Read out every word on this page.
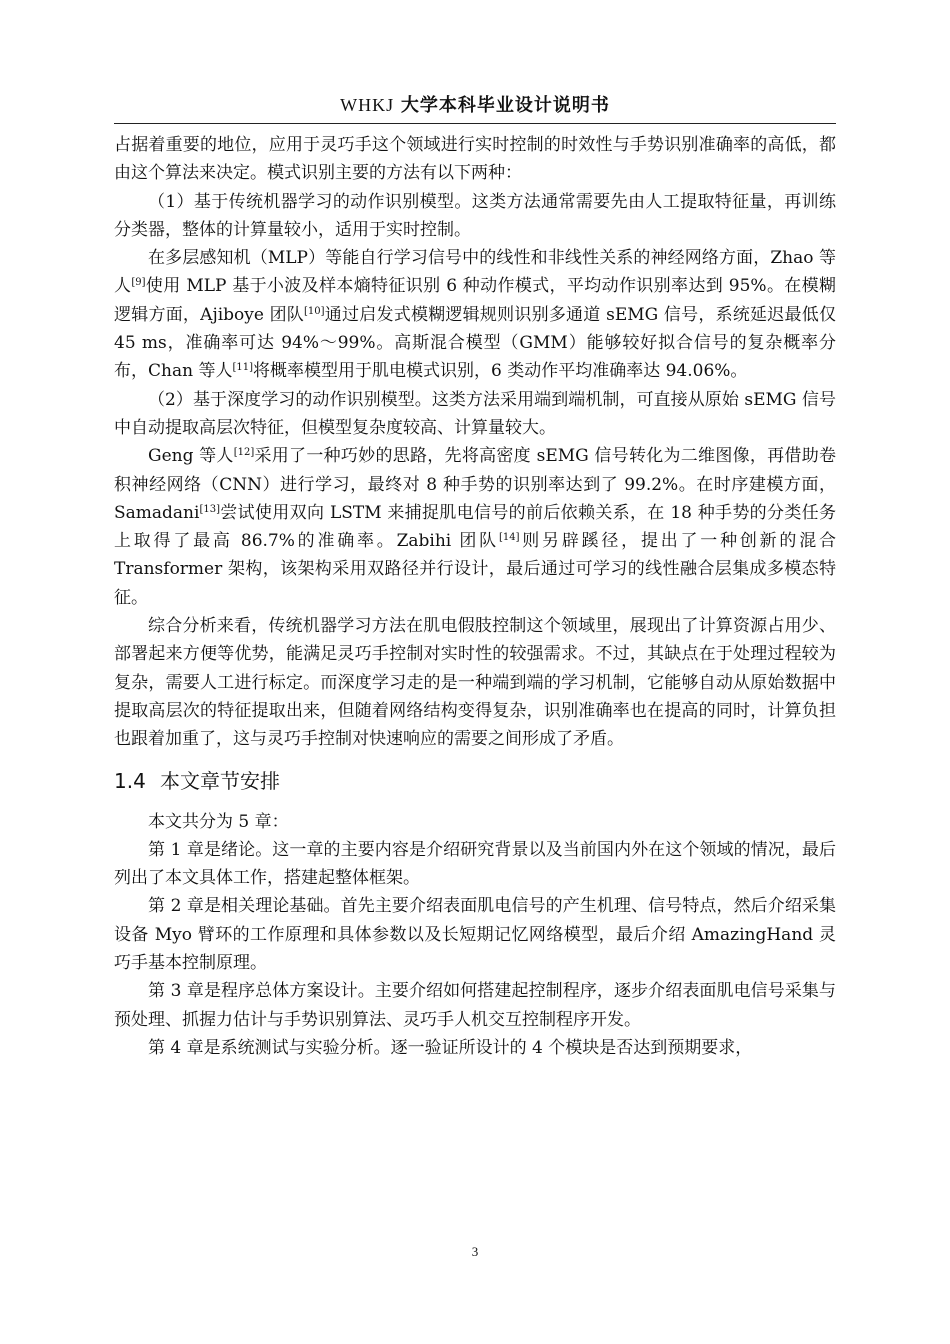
WHKJ 大学本科毕业设计说明书

占据着重要的地位，应用于灵巧手这个领域进行实时控制的时效性与手势识别准确率的高低，都由这个算法来决定。模式识别主要的方法有以下两种：

（1）基于传统机器学习的动作识别模型。这类方法通常需要先由人工提取特征量，再训练分类器，整体的计算量较小，适用于实时控制。

在多层感知机（MLP）等能自行学习信号中的线性和非线性关系的神经网络方面，Zhao 等人[9]使用 MLP 基于小波及样本熵特征识别 6 种动作模式，平均动作识别率达到 95%。在模糊逻辑方面，Ajiboye 团队[10]通过启发式模糊逻辑规则识别多通道 sEMG 信号，系统延迟最低仅 45 ms，准确率可达 94%～99%。高斯混合模型（GMM）能够较好拟合信号的复杂概率分布，Chan 等人[11]将概率模型用于肌电模式识别，6 类动作平均准确率达 94.06%。

（2）基于深度学习的动作识别模型。这类方法采用端到端机制，可直接从原始 sEMG 信号中自动提取高层次特征，但模型复杂度较高、计算量较大。

Geng 等人[12]采用了一种巧妙的思路，先将高密度 sEMG 信号转化为二维图像，再借助卷积神经网络（CNN）进行学习，最终对 8 种手势的识别率达到了 99.2%。在时序建模方面，Samadani[13]尝试使用双向 LSTM 来捕捉肌电信号的前后依赖关系，在 18 种手势的分类任务上取得了最高 86.7%的准确率。Zabihi 团队[14]则另辟蹊径，提出了一种创新的混合 Transformer 架构，该架构采用双路径并行设计，最后通过可学习的线性融合层集成多模态特征。

综合分析来看，传统机器学习方法在肌电假肢控制这个领域里，展现出了计算资源占用少、部署起来方便等优势，能满足灵巧手控制对实时性的较强需求。不过，其缺点在于处理过程较为复杂，需要人工进行标定。而深度学习走的是一种端到端的学习机制，它能够自动从原始数据中提取高层次的特征提取出来，但随着网络结构变得复杂，识别准确率也在提高的同时，计算负担也跟着加重了，这与灵巧手控制对快速响应的需要之间形成了矛盾。

1.4 本文章节安排

本文共分为 5 章：

第 1 章是绪论。这一章的主要内容是介绍研究背景以及当前国内外在这个领域的情况，最后列出了本文具体工作，搭建起整体框架。

第 2 章是相关理论基础。首先主要介绍表面肌电信号的产生机理、信号特点，然后介绍采集设备 Myo 臂环的工作原理和具体参数以及长短期记忆网络模型，最后介绍 AmazingHand 灵巧手基本控制原理。

第 3 章是程序总体方案设计。主要介绍如何搭建起控制程序，逐步介绍表面肌电信号采集与预处理、抓握力估计与手势识别算法、灵巧手人机交互控制程序开发。

第 4 章是系统测试与实验分析。逐一验证所设计的 4 个模块是否达到预期要求，

3
